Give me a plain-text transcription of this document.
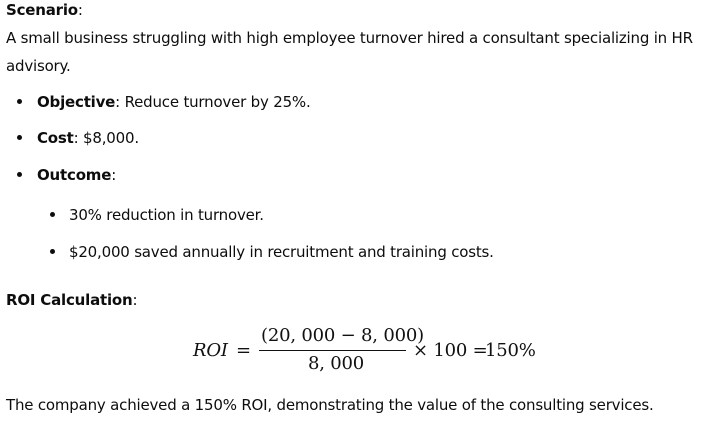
Scenario:
A small business struggling with high employee turnover hired a consultant specializing in HR
advisory.
Objective: Reduce turnover by 25%.
Cost: $8,000.
Outcome:
30% reduction in turnover.
$20,000 saved annually in recruitment and training costs.
ROI Calculation:
ROI =
(20, 000 − 8, 000)
8, 000
× 100 =
150%
The company achieved a 150% ROI, demonstrating the value of the consulting services.
